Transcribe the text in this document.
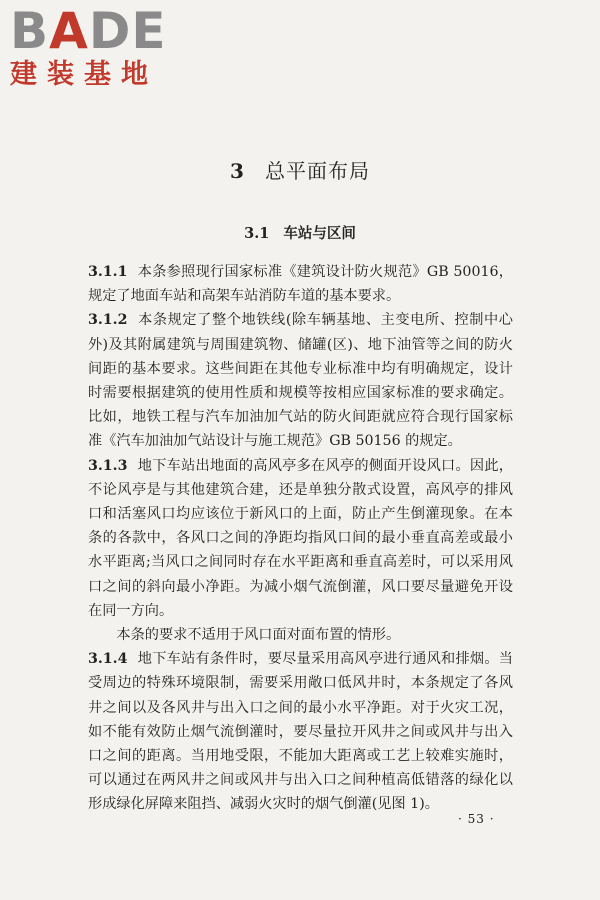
BADE
建装基地
3 总平面布局
3.1 车站与区间

3.1.1 本条参照现行国家标准《建筑设计防火规范》GB 50016，规定了地面车站和高架车站消防车道的基本要求。

3.1.2 本条规定了整个地铁线(除车辆基地、主变电所、控制中心外)及其附属建筑与周围建筑物、储罐(区)、地下油管等之间的防火间距的基本要求。这些间距在其他专业标准中均有明确规定，设计时需要根据建筑的使用性质和规模等按相应国家标准的要求确定。比如，地铁工程与汽车加油加气站的防火间距就应符合现行国家标准《汽车加油加气站设计与施工规范》GB 50156 的规定。

3.1.3 地下车站出地面的高风亭多在风亭的侧面开设风口。因此，不论风亭是与其他建筑合建，还是单独分散式设置，高风亭的排风口和活塞风口均应该位于新风口的上面，防止产生倒灌现象。在本条的各款中，各风口之间的净距均指风口间的最小垂直高差或最小水平距离;当风口之间同时存在水平距离和垂直高差时，可以采用风口之间的斜向最小净距。为减小烟气流倒灌，风口要尽量避免开设在同一方向。

本条的要求不适用于风口面对面布置的情形。

3.1.4 地下车站有条件时，要尽量采用高风亭进行通风和排烟。当受周边的特殊环境限制，需要采用敞口低风井时，本条规定了各风井之间以及各风井与出入口之间的最小水平净距。对于火灾工况，如不能有效防止烟气流倒灌时，要尽量拉开风井之间或风井与出入口之间的距离。当用地受限，不能加大距离或工艺上较难实施时，可以通过在两风井之间或风井与出入口之间种植高低错落的绿化以形成绿化屏障来阻挡、减弱火灾时的烟气倒灌(见图 1)。

· 53 ·
